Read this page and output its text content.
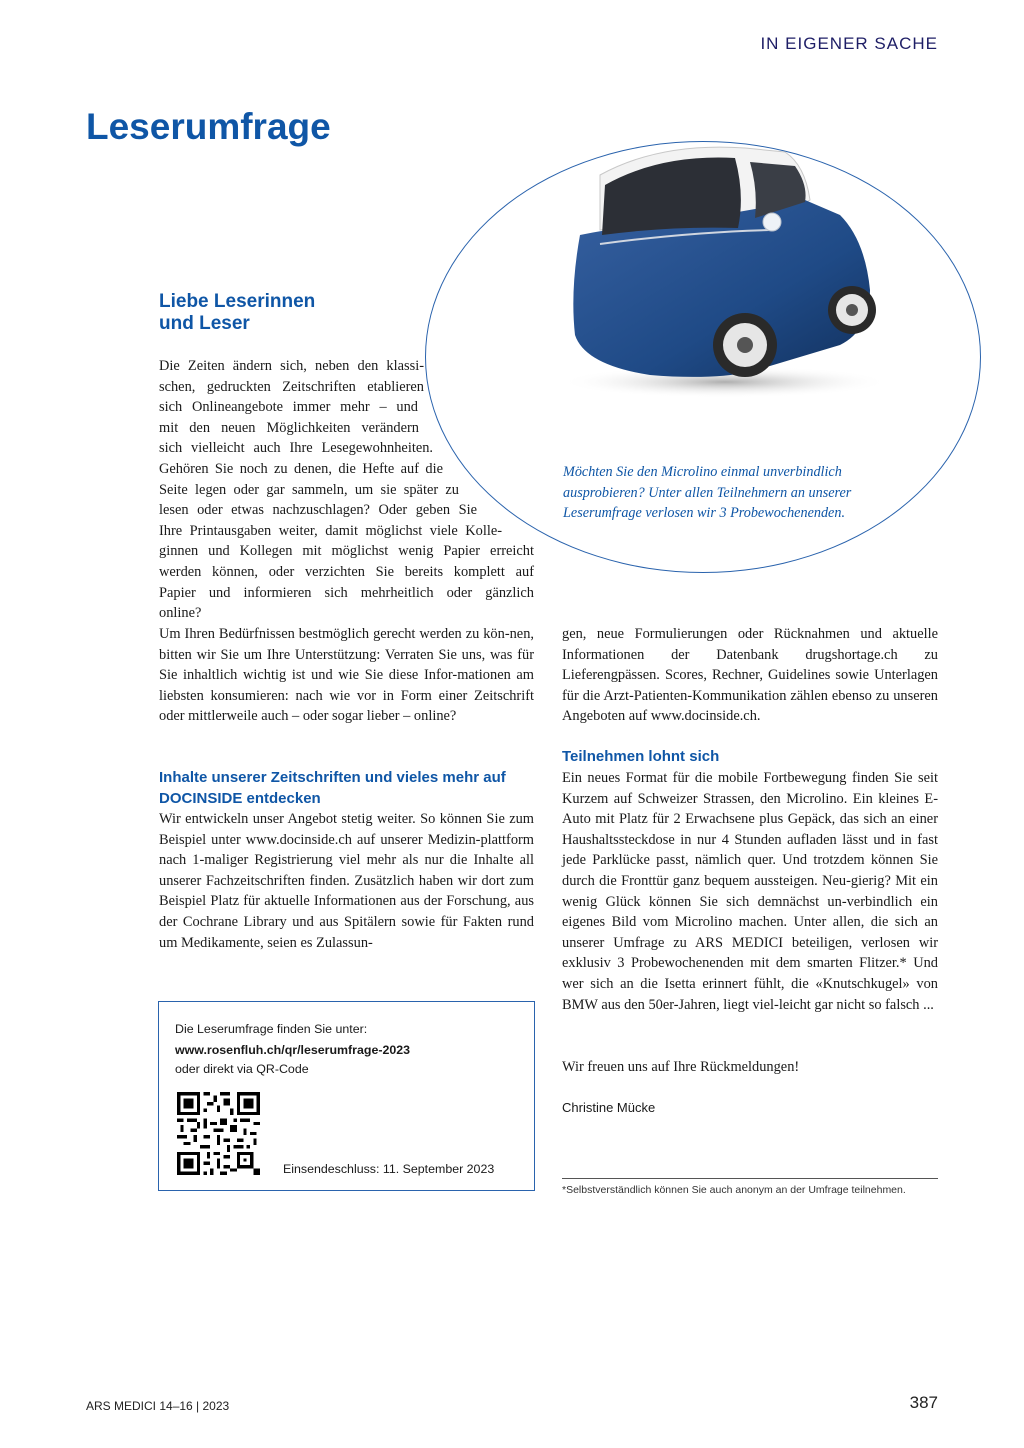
IN EIGENER SACHE
Leserumfrage
Möchten Sie den Microlino einmal unverbindlich ausprobieren? Unter allen Teilnehmern an unserer Leserumfrage verlosen wir 3 Probewochenenden.
Liebe Leserinnen
und Leser
Die Zeiten ändern sich, neben den klassi-
schen, gedruckten Zeitschriften etablieren
sich Onlineangebote immer mehr – und
mit den neuen Möglichkeiten verändern
sich vielleicht auch Ihre Lesegewohnheiten.
Gehören Sie noch zu denen, die Hefte auf die
Seite legen oder gar sammeln, um sie später zu
lesen oder etwas nachzuschlagen? Oder geben Sie
Ihre Printausgaben weiter, damit möglichst viele Kolle-
ginnen und Kollegen mit möglichst wenig Papier erreicht
werden können, oder verzichten Sie bereits komplett auf
Papier und informieren sich mehrheitlich oder gänzlich
online?

Um Ihren Bedürfnissen bestmöglich gerecht werden zu kön-nen, bitten wir Sie um Ihre Unterstützung: Verraten Sie uns, was für Sie inhaltlich wichtig ist und wie Sie diese Infor-mationen am liebsten konsumieren: nach wie vor in Form einer Zeitschrift oder mittlerweile auch – oder sogar lieber – online?

Inhalte unserer Zeitschriften und vieles mehr auf DOCINSIDE entdecken

Wir entwickeln unser Angebot stetig weiter. So können Sie zum Beispiel unter www.docinside.ch auf unserer Medizin-plattform nach 1-maliger Registrierung viel mehr als nur die Inhalte all unserer Fachzeitschriften finden. Zusätzlich haben wir dort zum Beispiel Platz für aktuelle Informationen aus der Forschung, aus der Cochrane Library und aus Spitälern sowie für Fakten rund um Medikamente, seien es Zulassun-

gen, neue Formulierungen oder Rücknahmen und aktuelle Informationen der Datenbank drugshortage.ch zu Lieferengpässen. Scores, Rechner, Guidelines sowie Unterlagen für die Arzt-Patienten-Kommunikation zählen ebenso zu unseren Angeboten auf www.docinside.ch.

Teilnehmen lohnt sich

Ein neues Format für die mobile Fortbewegung finden Sie seit Kurzem auf Schweizer Strassen, den Microlino. Ein kleines E-Auto mit Platz für 2 Erwachsene plus Gepäck, das sich an einer Haushaltssteckdose in nur 4 Stunden aufladen lässt und in fast jede Parklücke passt, nämlich quer. Und trotzdem können Sie durch die Fronttür ganz bequem aussteigen. Neu-gierig? Mit ein wenig Glück können Sie sich demnächst un-verbindlich ein eigenes Bild vom Microlino machen. Unter allen, die sich an unserer Umfrage zu ARS MEDICI beteiligen, verlosen wir exklusiv 3 Probewochenenden mit dem smarten Flitzer.* Und wer sich an die Isetta erinnert fühlt, die «Knutschkugel» von BMW aus den 50er-Jahren, liegt viel-leicht gar nicht so falsch ...

Wir freuen uns auf Ihre Rückmeldungen!
Christine Mücke
*Selbstverständlich können Sie auch anonym an der Umfrage teilnehmen.
Die Leserumfrage finden Sie unter:
www.rosenfluh.ch/qr/leserumfrage-2023
oder direkt via QR-Code
Einsendeschluss: 11. September 2023
ARS MEDICI 14–16 | 2023	387
